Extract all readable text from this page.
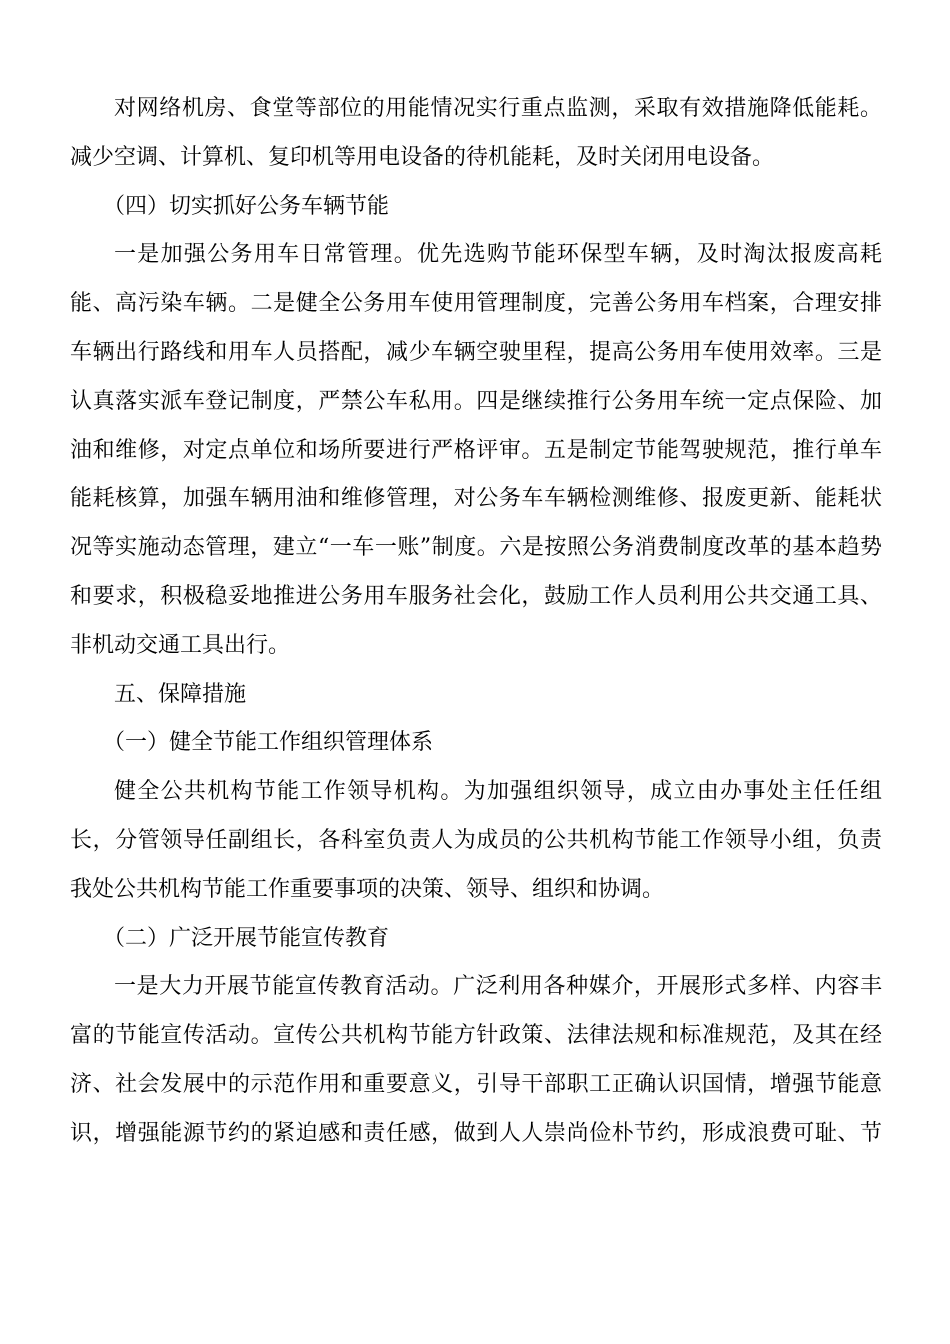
对网络机房、食堂等部位的用能情况实行重点监测，采取有效措施降低能耗。减少空调、计算机、复印机等用电设备的待机能耗，及时关闭用电设备。

（四）切实抓好公务车辆节能

一是加强公务用车日常管理。优先选购节能环保型车辆，及时淘汰报废高耗能、高污染车辆。二是健全公务用车使用管理制度，完善公务用车档案，合理安排车辆出行路线和用车人员搭配，减少车辆空驶里程，提高公务用车使用效率。三是认真落实派车登记制度，严禁公车私用。四是继续推行公务用车统一定点保险、加油和维修，对定点单位和场所要进行严格评审。五是制定节能驾驶规范，推行单车能耗核算，加强车辆用油和维修管理，对公务车车辆检测维修、报废更新、能耗状况等实施动态管理，建立“一车一账”制度。六是按照公务消费制度改革的基本趋势和要求，积极稳妥地推进公务用车服务社会化，鼓励工作人员利用公共交通工具、非机动交通工具出行。

五、保障措施

（一）健全节能工作组织管理体系

健全公共机构节能工作领导机构。为加强组织领导，成立由办事处主任任组长，分管领导任副组长，各科室负责人为成员的公共机构节能工作领导小组，负责我处公共机构节能工作重要事项的决策、领导、组织和协调。

（二）广泛开展节能宣传教育

一是大力开展节能宣传教育活动。广泛利用各种媒介，开展形式多样、内容丰富的节能宣传活动。宣传公共机构节能方针政策、法律法规和标准规范，及其在经济、社会发展中的示范作用和重要意义，引导干部职工正确认识国情，增强节能意识，增强能源节约的紧迫感和责任感，做到人人崇尚俭朴节约，形成浪费可耻、节
